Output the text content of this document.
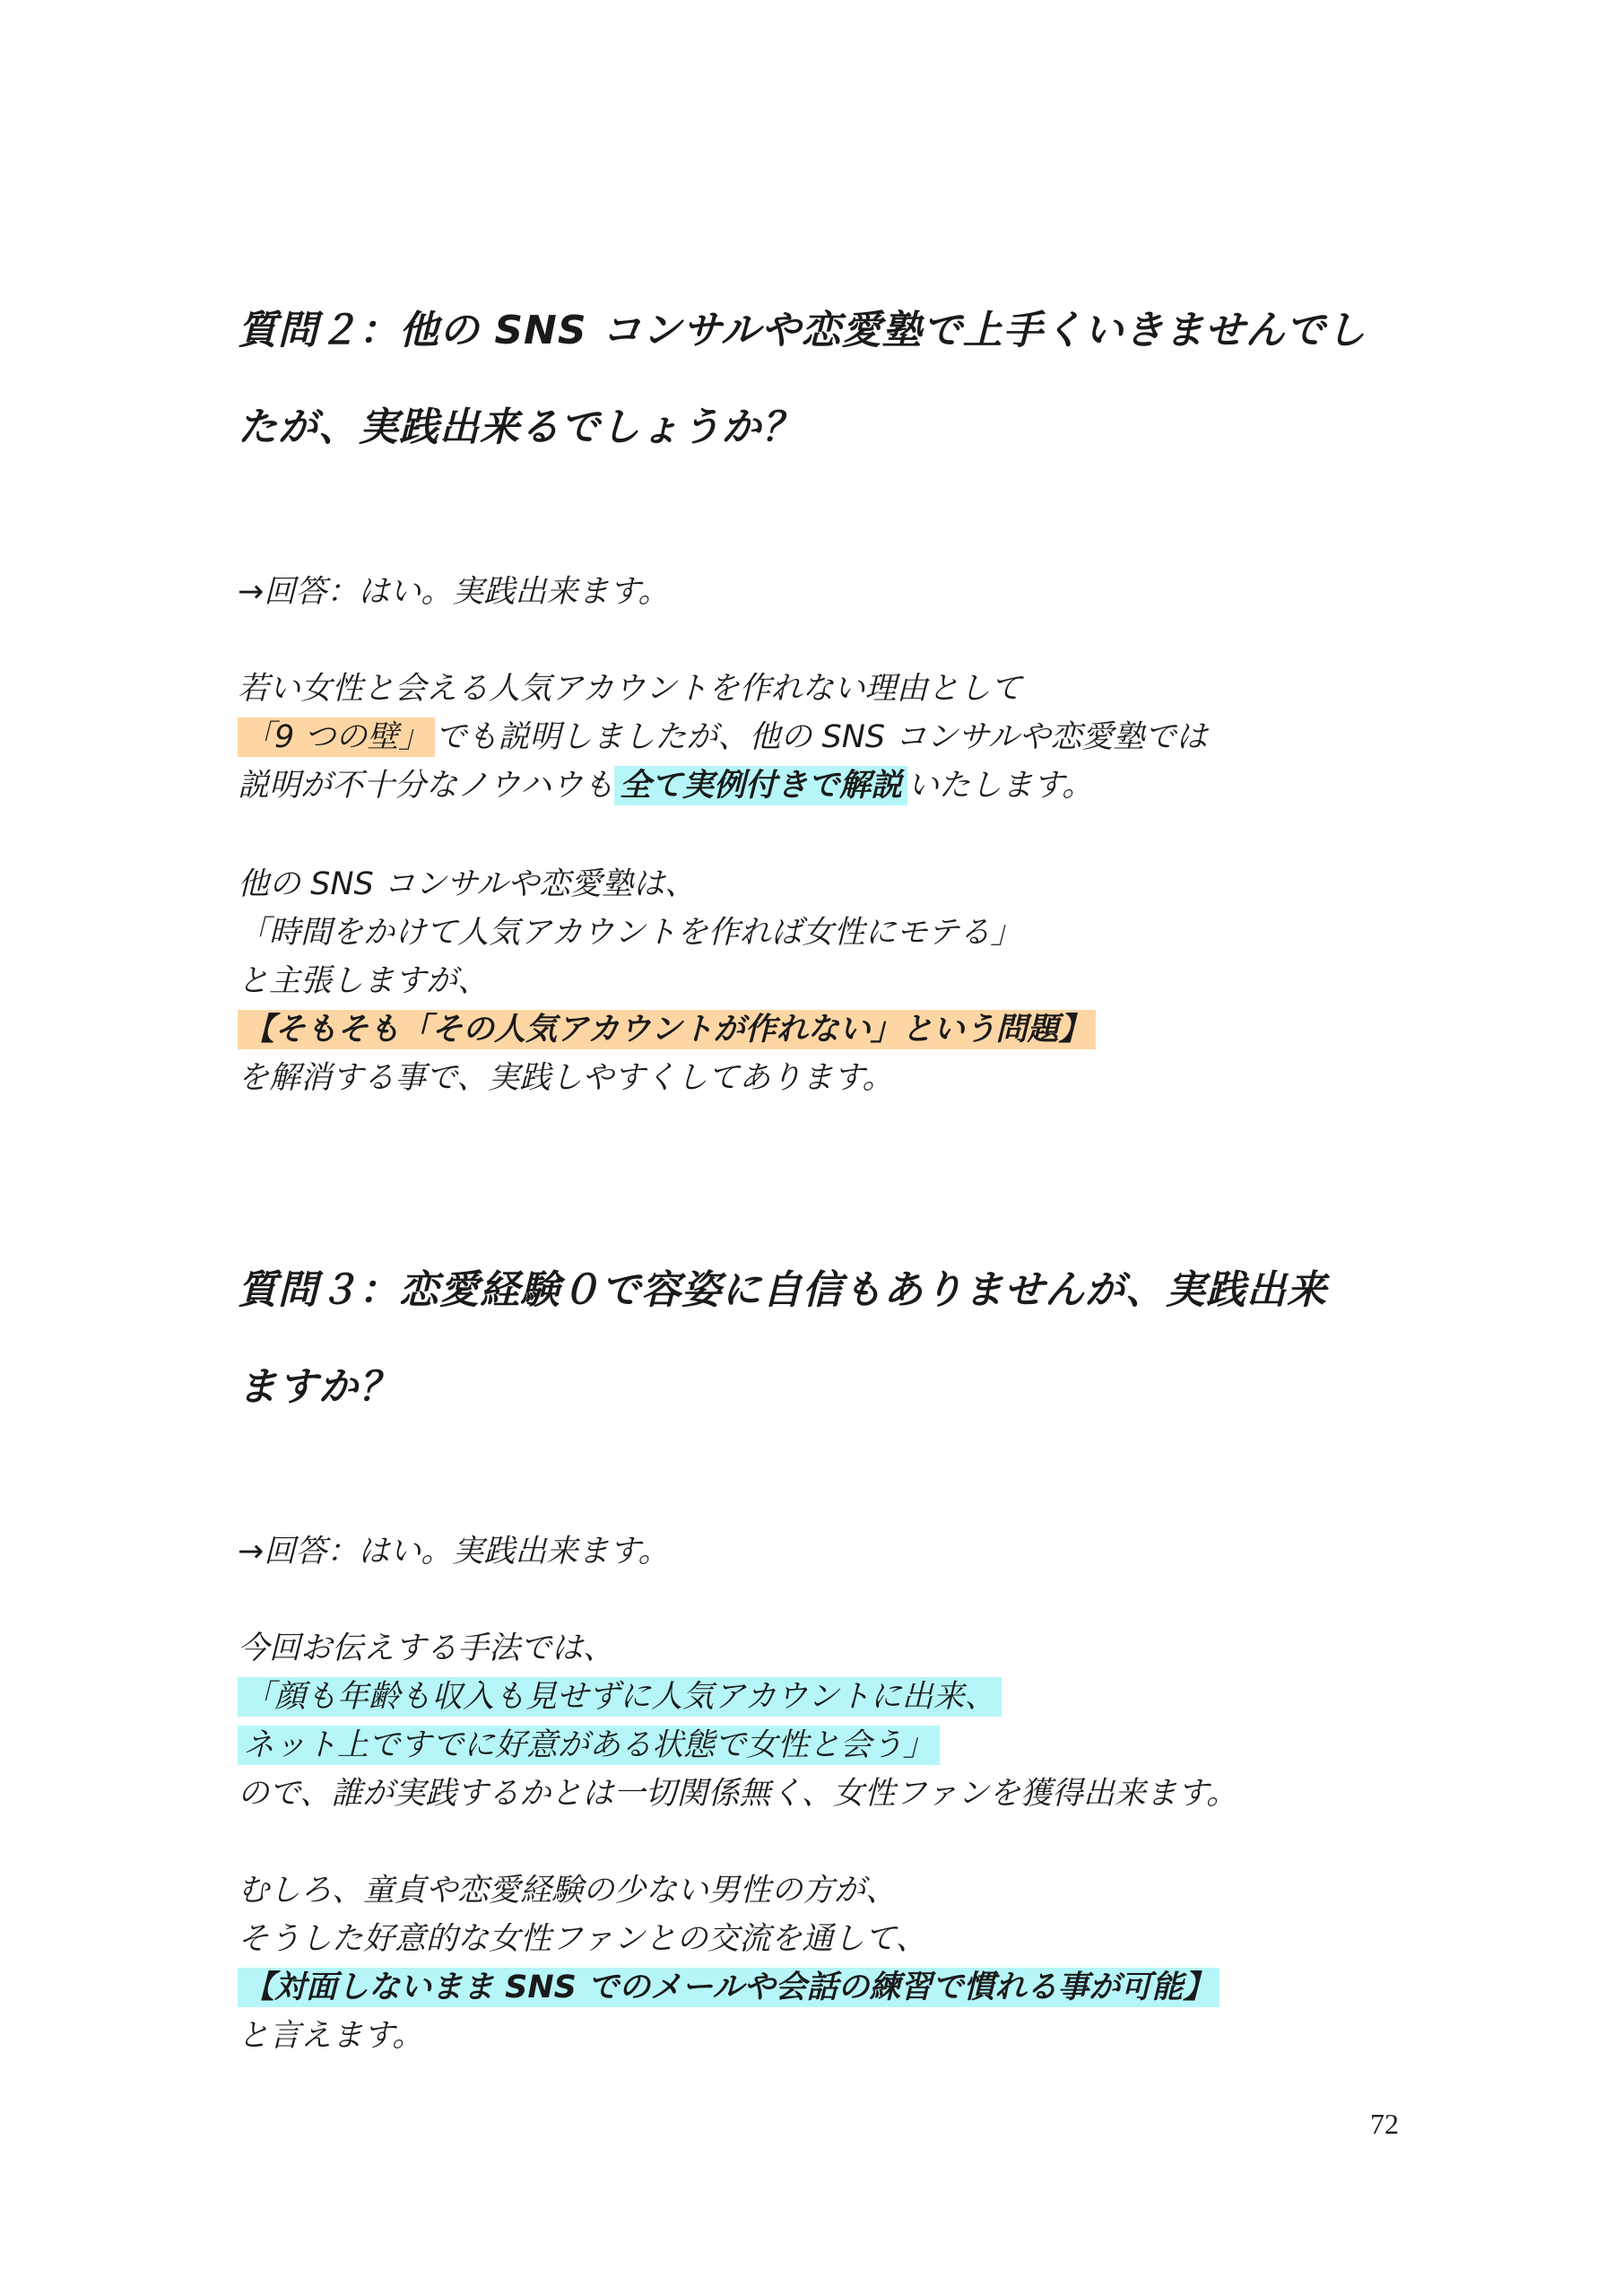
質問２：他の SNS コンサルや恋愛塾で上手くいきませんでし
たが、実践出来るでしょうか？
→回答：はい。実践出来ます。
若い女性と会える人気アカウントを作れない理由として
「9 つの壁」 でも説明しましたが、他の SNS コンサルや恋愛塾では
説明が不十分なノウハウも 全て実例付きで解説 いたします。
他の SNS コンサルや恋愛塾は、
「時間をかけて人気アカウントを作れば女性にモテる」
と主張しますが、
【そもそも「その人気アカウントが作れない」という問題】
を解消する事で、実践しやすくしてあります。
質問３：恋愛経験０で容姿に自信もありませんが、実践出来
ますか？
→回答：はい。実践出来ます。
今回お伝えする手法では、
「顔も年齢も収入も見せずに人気アカウントに出来、
ネット上ですでに好意がある状態で女性と会う」
ので、誰が実践するかとは一切関係無く、女性ファンを獲得出来ます。
むしろ、童貞や恋愛経験の少ない男性の方が、
そうした好意的な女性ファンとの交流を通して、
【対面しないまま SNS でのメールや会話の練習で慣れる事が可能】
と言えます。
72
